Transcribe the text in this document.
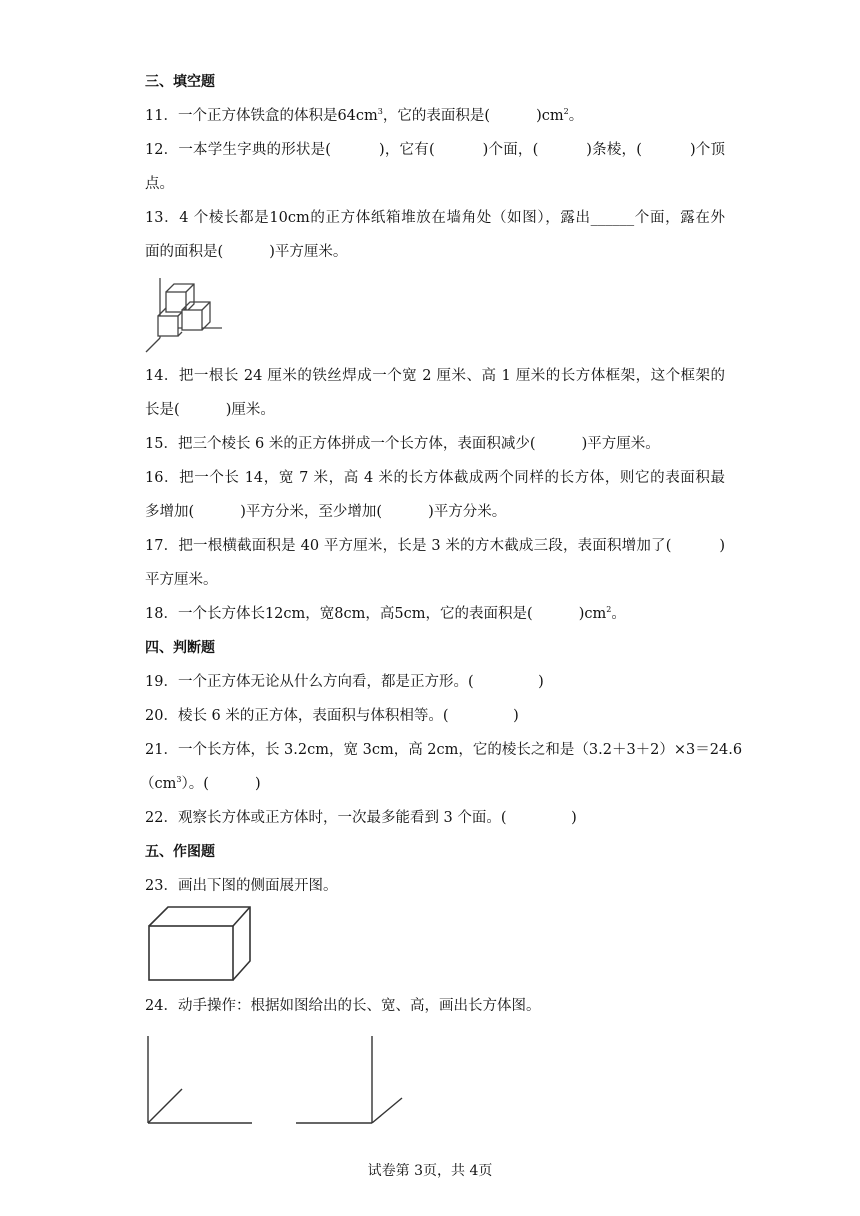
三、填空题
11．一个正方体铁盒的体积是$64cm^3$，它的表面积是(	)$cm^2$。
12．一本学生字典的形状是(          )，它有(          )个面，(          )条棱，(          )个顶
点。
13．4 个棱长都是10cm的正方体纸箱堆放在墙角处（如图），露出______个面，露在外
面的面积是(          )平方厘米。
14．把一根长 24 厘米的铁丝焊成一个宽 2 厘米、高 1 厘米的长方体框架，这个框架的
长是(          )厘米。
15．把三个棱长 6 米的正方体拼成一个长方体，表面积减少(          )平方厘米。
16．把一个长 14，宽 7 米，高 4 米的长方体截成两个同样的长方体，则它的表面积最
多增加(          )平方分米，至少增加(          )平方分米。
17．把一根横截面积是 40 平方厘米，长是 3 米的方木截成三段，表面积增加了(          )
平方厘米。
18．一个长方体长12cm，宽8cm，高5cm，它的表面积是(          )$cm^2$。
四、判断题
19．一个正方体无论从什么方向看，都是正方形。(              )
20．棱长 6 米的正方体，表面积与体积相等。(              )
21．一个长方体，长 3.2cm，宽 3cm，高 2cm，它的棱长之和是（3.2＋3＋2）×3＝24.6
$(cm^3)$。(          )
22．观察长方体或正方体时，一次最多能看到 3 个面。(              )
五、作图题
23．画出下图的侧面展开图。
24．动手操作：根据如图给出的长、宽、高，画出长方体图。
试卷第 3页，共 4页
